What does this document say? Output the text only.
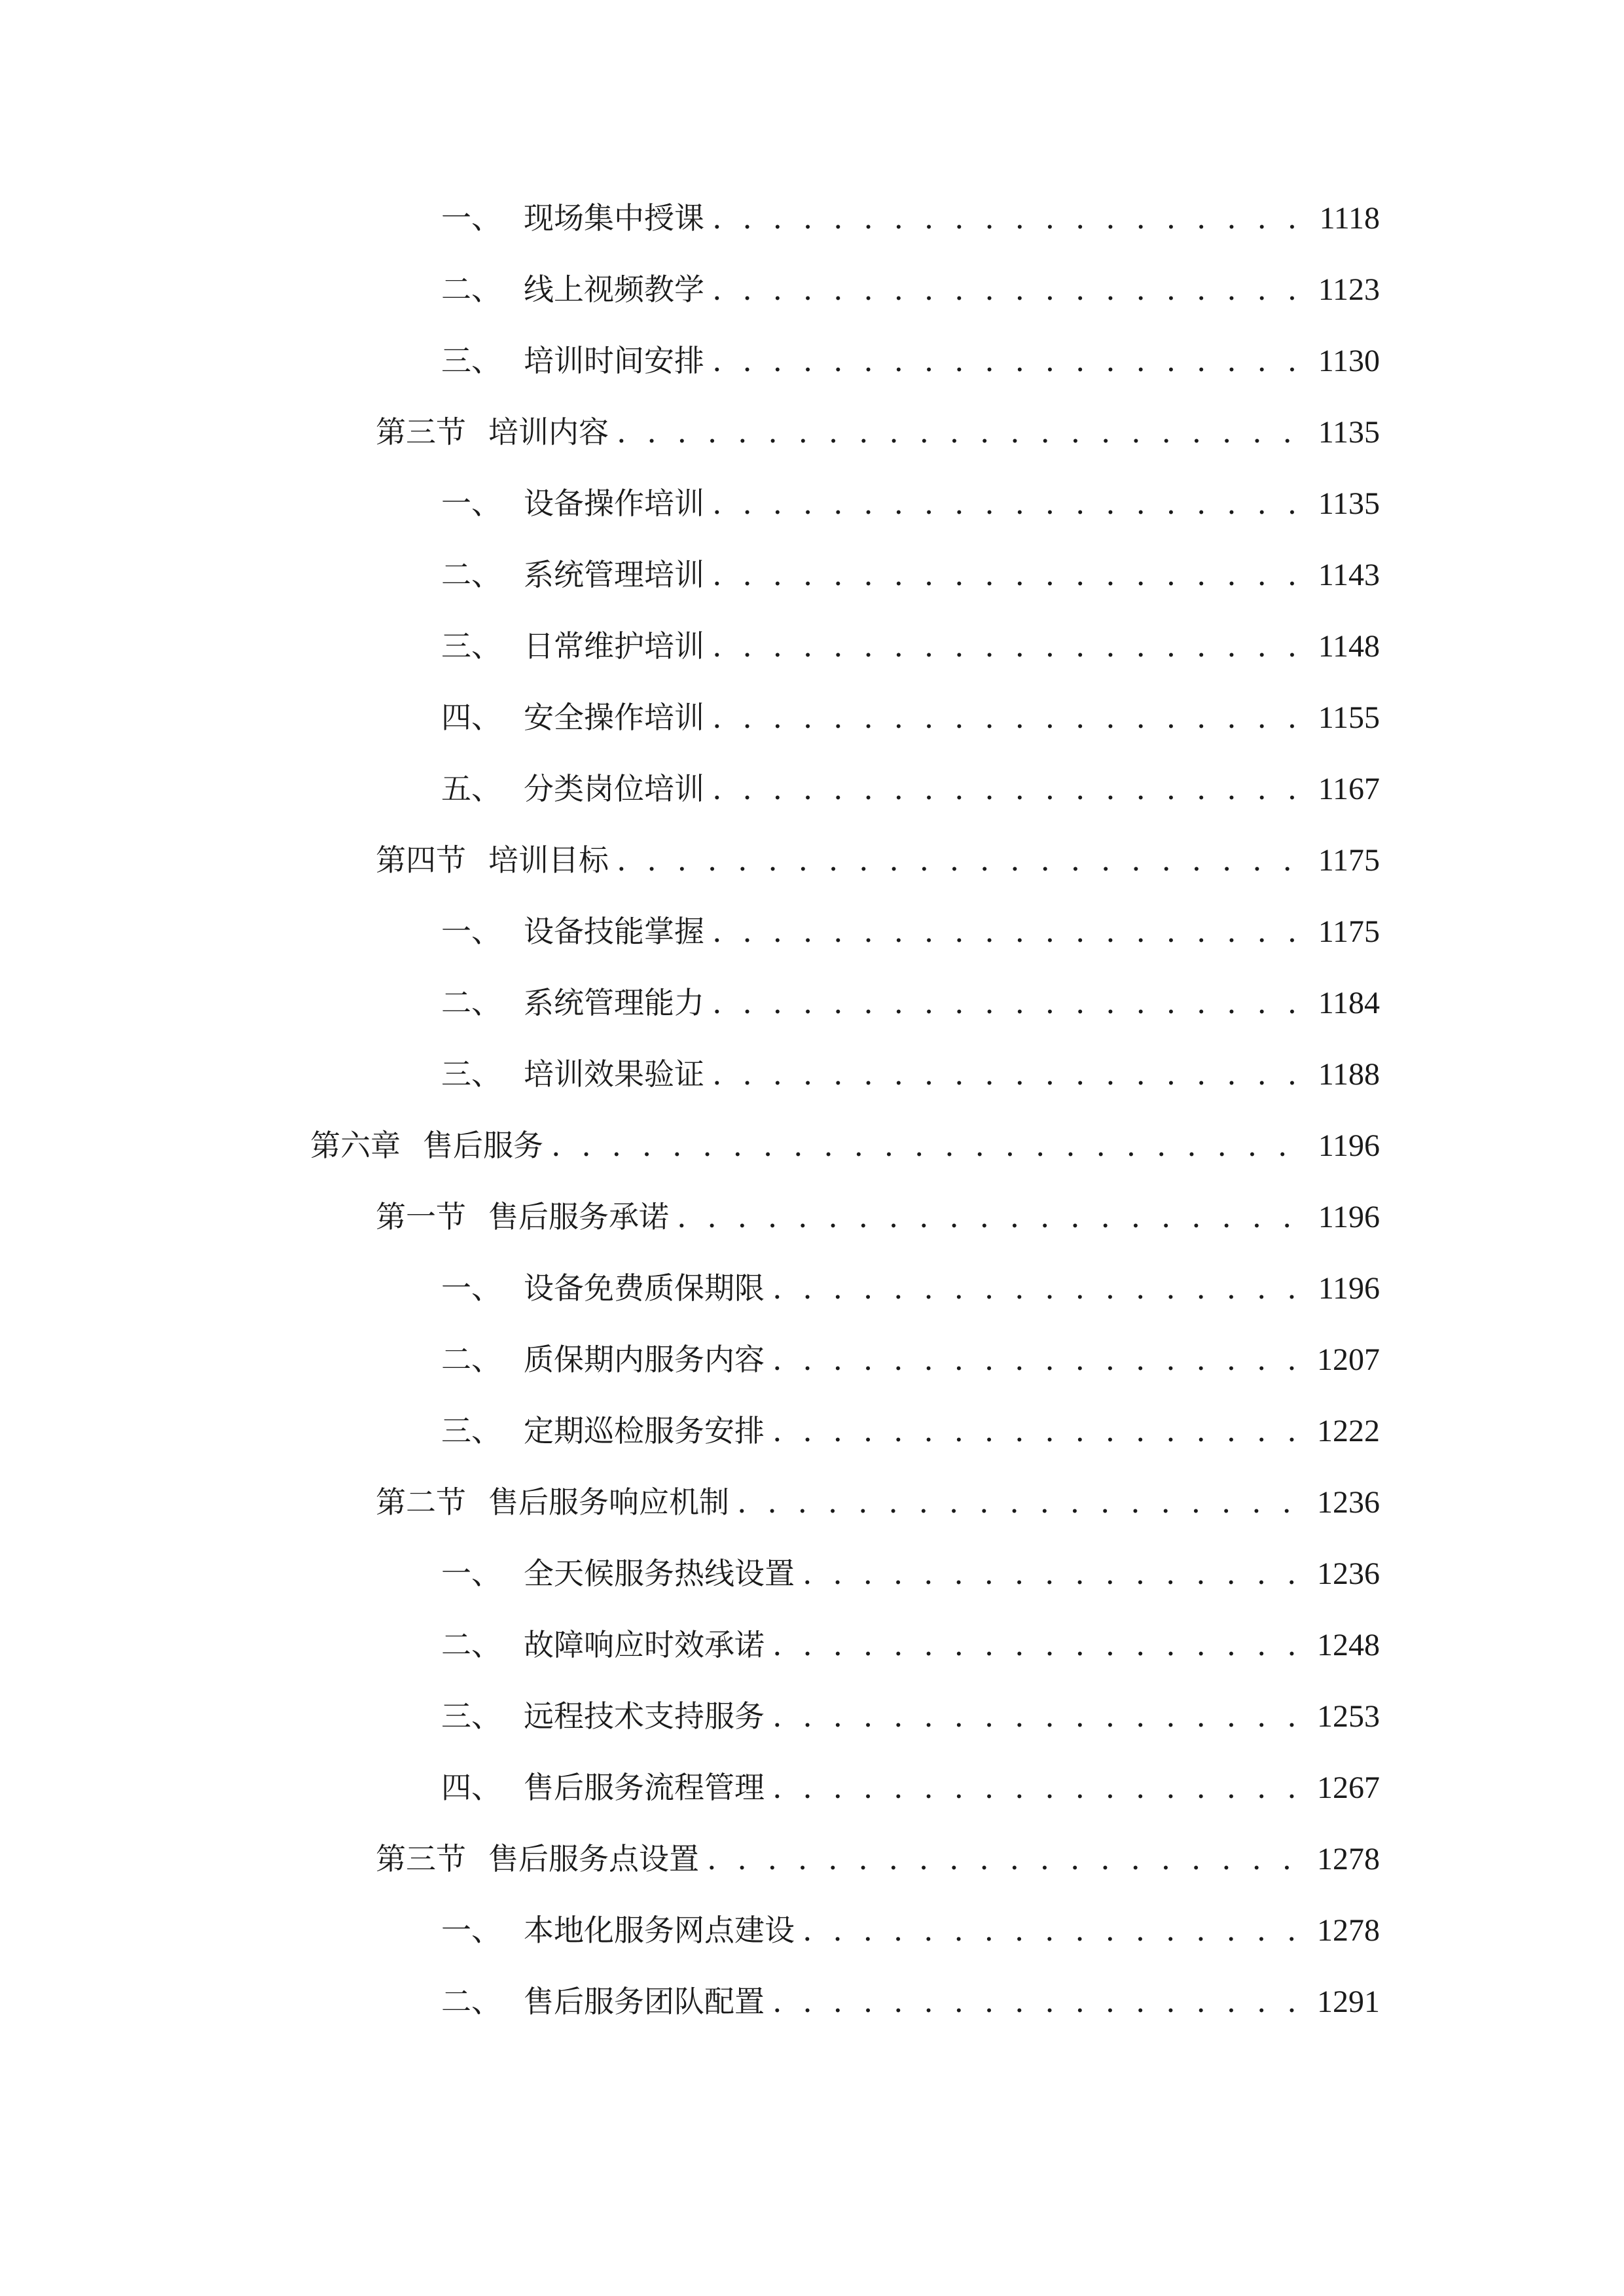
一、 现场集中授课 . . .	1118
二、 线上视频教学 . . .	1123
三、 培训时间安排 . . .	1130
第三节 培训内容 . . .	1135
一、 设备操作培训 . . .	1135
二、 系统管理培训 . . .	1143
三、 日常维护培训 . . .	1148
四、 安全操作培训 . . .	1155
五、 分类岗位培训 . . .	1167
第四节 培训目标 . . .	1175
一、 设备技能掌握 . . .	1175
二、 系统管理能力 . . .	1184
三、 培训效果验证 . . .	1188
第六章 售后服务 . . .	1196
第一节 售后服务承诺 . . .	1196
一、 设备免费质保期限 . . .	1196
二、 质保期内服务内容 . . .	1207
三、 定期巡检服务安排 . . .	1222
第二节 售后服务响应机制 . . .	1236
一、 全天候服务热线设置 . . .	1236
二、 故障响应时效承诺 . . .	1248
三、 远程技术支持服务 . . .	1253
四、 售后服务流程管理 . . .	1267
第三节 售后服务点设置 . . .	1278
一、 本地化服务网点建设 . . .	1278
二、 售后服务团队配置 . . .	1291
